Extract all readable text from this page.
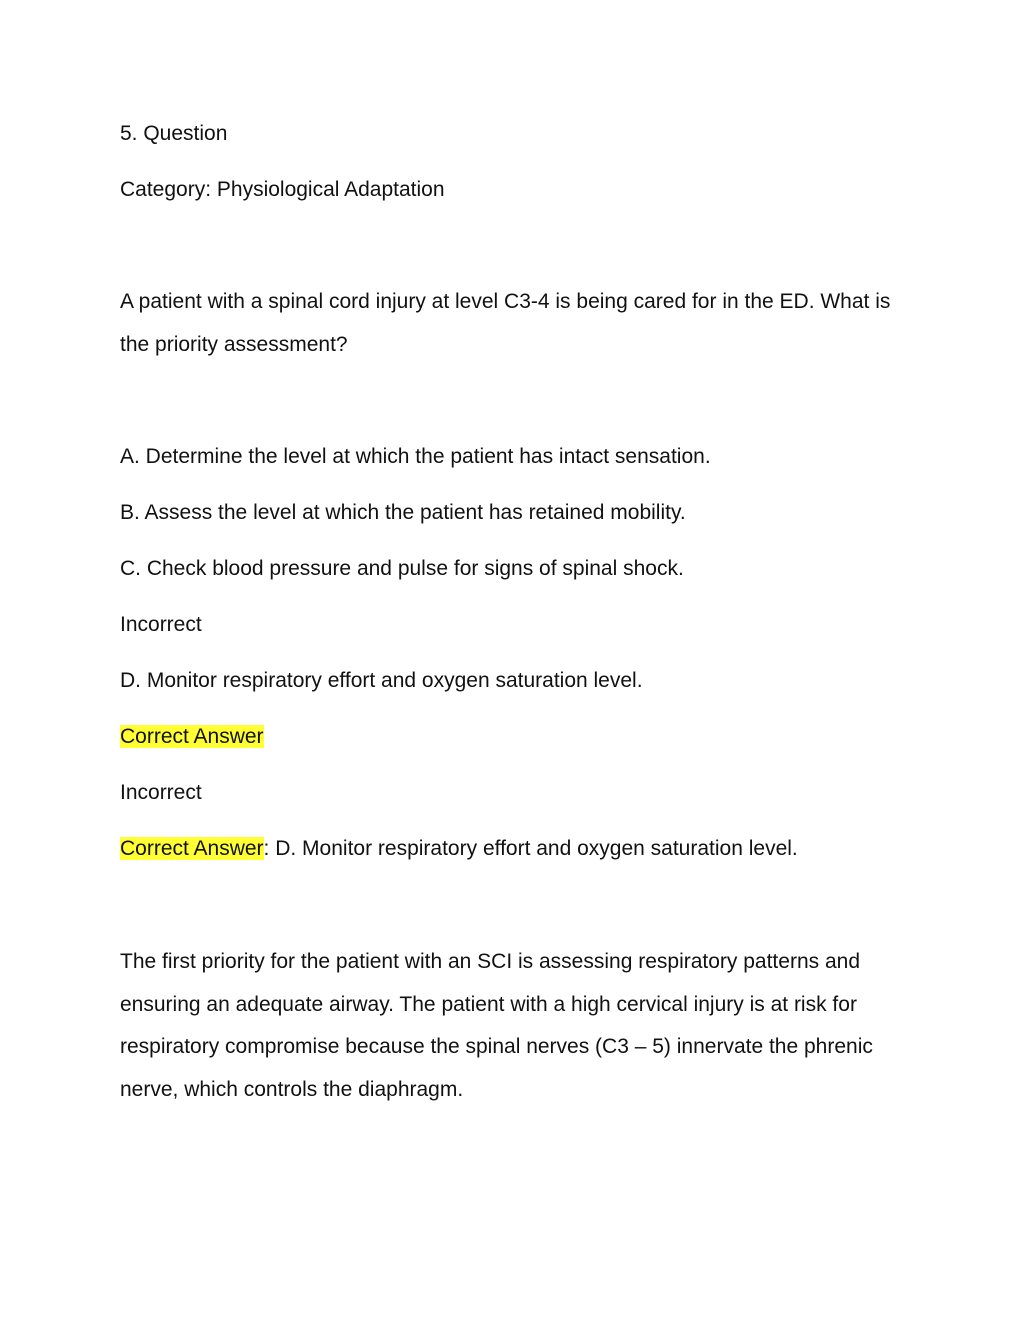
5. Question
Category: Physiological Adaptation
A patient with a spinal cord injury at level C3-4 is being cared for in the ED. What is the priority assessment?
A. Determine the level at which the patient has intact sensation.
B. Assess the level at which the patient has retained mobility.
C. Check blood pressure and pulse for signs of spinal shock.
Incorrect
D. Monitor respiratory effort and oxygen saturation level.
Correct Answer
Incorrect
Correct Answer: D. Monitor respiratory effort and oxygen saturation level.
The first priority for the patient with an SCI is assessing respiratory patterns and ensuring an adequate airway. The patient with a high cervical injury is at risk for respiratory compromise because the spinal nerves (C3 – 5) innervate the phrenic nerve, which controls the diaphragm.
